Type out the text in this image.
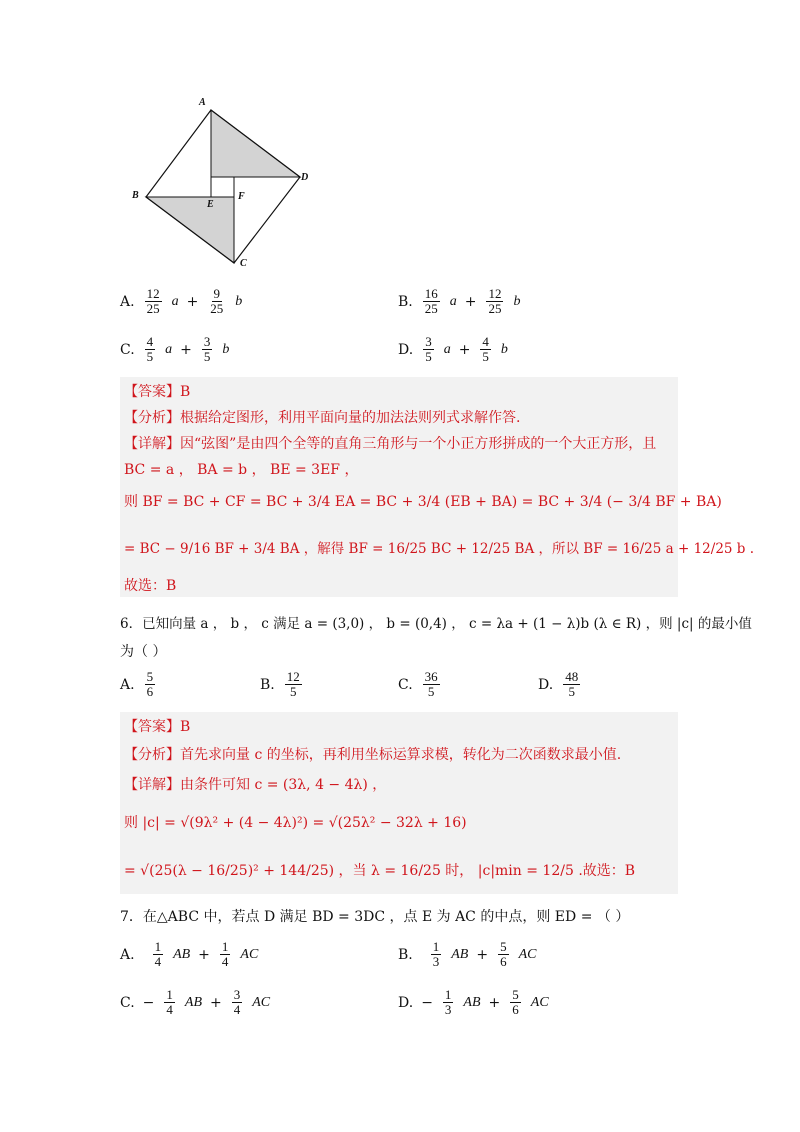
A
B
C
D
E
F
A. $\frac{12}{25}$ $a + \frac{9}{25}$ b	B. $\frac{16}{25}$ $a + \frac{12}{25}$ b
C. $\frac{4}{5}$ $a + \frac{3}{5}$ b	D. $\frac{3}{5}$ $a + \frac{4}{5}$ b
【答案】B
【分析】根据给定图形，利用平面向量的加法法则列式求解作答.
【详解】因“弦图”是由四个全等的直角三角形与一个小正方形拼成的一个大正方形，且
BC = a ， BA = b ， BE = 3EF ，
则 BF = BC + CF = BC + 3/4 EA = BC + 3/4 (EB + BA) = BC + 3/4 (− 3/4 BF + BA)
= BC − 9/16 BF + 3/4 BA ，解得 BF = 16/25 BC + 12/25 BA ，所以 BF = 16/25 a + 12/25 b .
故选：B
6．已知向量 a ， b ， c 满足 a = (3,0) ， b = (0,4) ， c = λa + (1 − λ)b (λ ∈ R) ，则 |c| 的最小值
为（ ）
A. $\frac{5}{6}$	B. $\frac{12}{5}$	C. $\frac{36}{5}$	D. $\frac{48}{5}$
【答案】B
【分析】首先求向量 c 的坐标，再利用坐标运算求模，转化为二次函数求最小值.
【详解】由条件可知 c = (3λ, 4 − 4λ) ，
则 |c| = √(9λ² + (4 − 4λ)²) = √(25λ² − 32λ + 16)
= √(25(λ − 16/25)² + 144/25) ，当 λ = 16/25 时， |c|min = 12/5 .故选：B
7．在△ABC 中，若点 D 满足 BD = 3DC ，点 E 为 AC 的中点，则 ED = （ ）
A. $\frac{1}{4}$ AB + $\frac{1}{4}$ AC	B. $\frac{1}{3}$ AB + $\frac{5}{6}$ AC
C. − $\frac{1}{4}$ AB + $\frac{3}{4}$ AC	D. − $\frac{1}{3}$ AB + $\frac{5}{6}$ AC
